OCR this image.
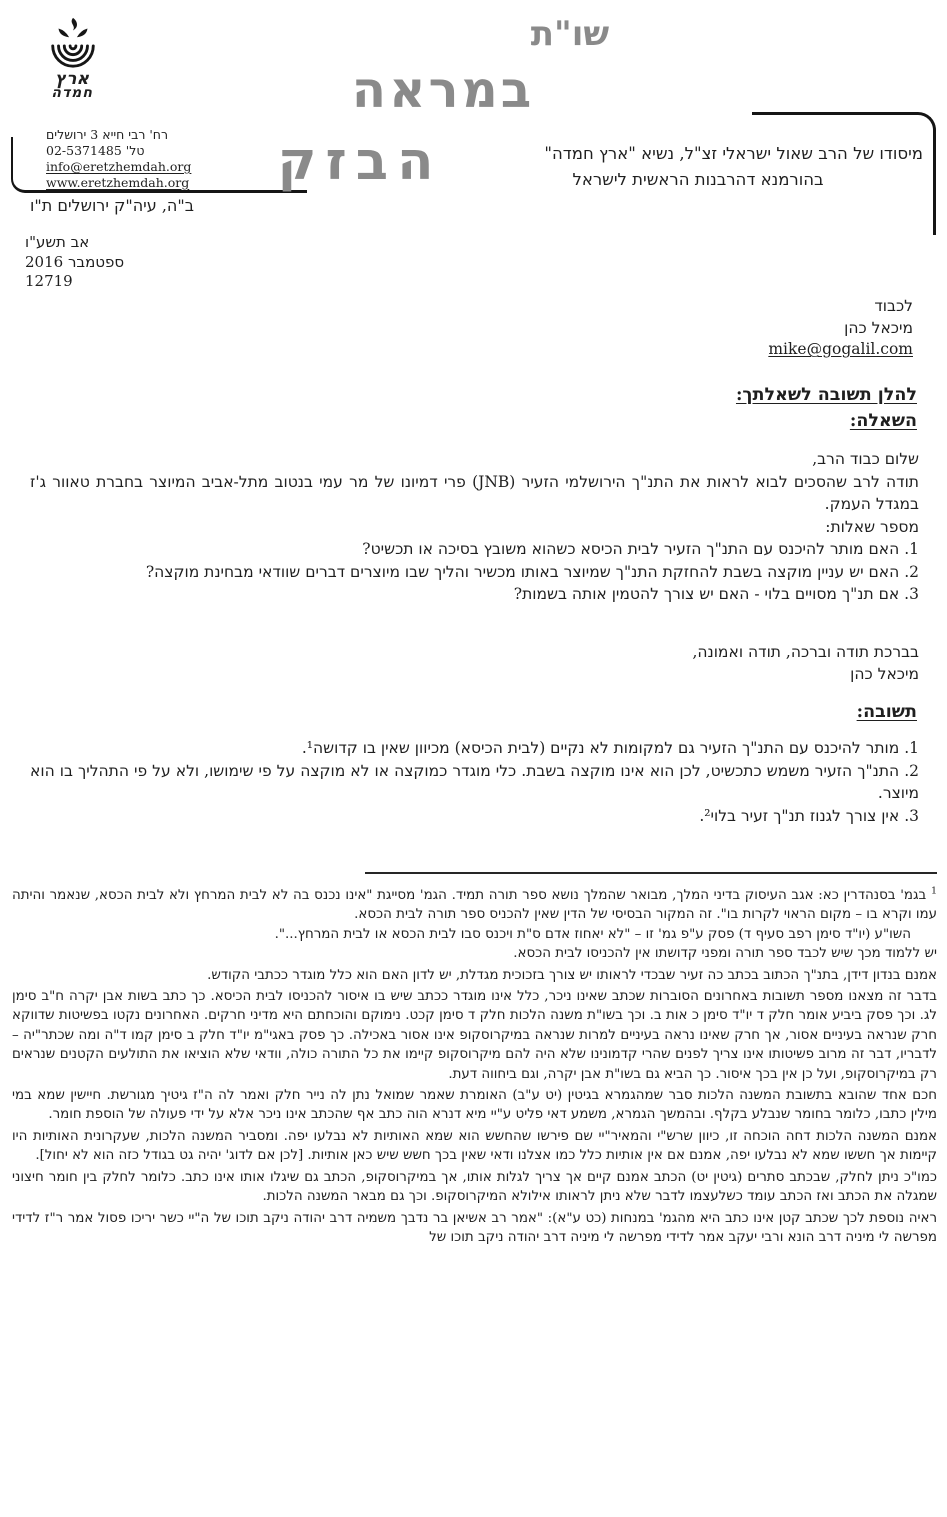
ארץ
חמדה
רח' רבי חייא 3 ירושלים
טל' 02-5371485
info@eretzhemdah.org
www.eretzhemdah.org
ב"ה, עיה"ק ירושלים ת"ו
אב תשע"ו
ספטמבר 2016
12719
שו"ת
במראה
הבזק	מיסודו של הרב שאול ישראלי זצ"ל, נשיא "ארץ חמדה"
בהורמנא דהרבנות הראשית לישראל
לכבוד
מיכאל כהן
mike@gogalil.com
להלן תשובה לשאלתך:
השאלה:
שלום כבוד הרב,
תודה לרב שהסכים לבוא לראות את התנ"ך הירושלמי הזעיר (JNB) פרי דמיונו של מר עמי בנטוב מתל-אביב המיוצר בחברת טאוור ג'ז במגדל העמק.
מספר שאלות:
1. האם מותר להיכנס עם התנ"ך הזעיר לבית הכיסא כשהוא משובץ בסיכה או תכשיט?
2. האם יש עניין מוקצה בשבת להחזקת התנ"ך שמיוצר באותו מכשיר והליך שבו מיוצרים דברים שוודאי מבחינת מוקצה?
3. אם תנ"ך מסויים בלוי - האם יש צורך להטמין אותה בשמות?
בברכת תודה וברכה, תודה ואמונה,
מיכאל כהן
תשובה:
1. מותר להיכנס עם התנ"ך הזעיר גם למקומות לא נקיים (לבית הכיסא) מכיוון שאין בו קדושה¹.
2. התנ"ך הזעיר משמש כתכשיט, לכן הוא אינו מוקצה בשבת. כלי מוגדר כמוקצה או לא מוקצה על פי שימושו, ולא על פי התהליך בו הוא מיוצר.
3. אין צורך לגנוז תנ"ך זעיר בלוי².
$^1$ בגמ' בסנהדרין כא: אגב העיסוק בדיני המלך, מבואר שהמלך נושא ספר תורה תמיד. הגמ' מסייגת "אינו נכנס בה לא לבית המרחץ ולא לבית הכסא, שנאמר והיתה עמו וקרא בו – מקום הראוי לקרות בו". זה המקור הבסיסי של הדין שאין להכניס ספר תורה לבית הכסא.
השו"ע (יו"ד סימן רפב סעיף ד) פסק ע"פ גמ' זו – "לא יאחוז אדם ס"ת ויכנס סבו לבית הכסא או לבית המרחץ...".
יש ללמוד מכך שיש לכבד ספר תורה ומפני קדושתו אין להכניסו לבית הכסא.
אמנם בנדון דידן, בתנ"ך הכתוב בכתב כה זעיר שבכדי לראותו יש צורך בזכוכית מגדלת, יש לדון האם הוא כלל מוגדר ככתבי הקודש.
בדבר זה מצאנו מספר תשובות באחרונים הסוברות שכתב שאינו ניכר, כלל אינו מוגדר ככתב שיש בו איסור להכניסו לבית הכיסא. כך כתב בשות אבן יקרה ח"ב סימן לג. וכך פסק ביביע אומר חלק ד יו"ד סימן כ אות ב. וכך בשו"ת משנה הלכות חלק ד סימן קכט. נימוקם והוכחתם היא מדיני חרקים. האחרונים נקטו בפשיטות שדווקא חרק שנראה בעיניים אסור, אך חרק שאינו נראה בעיניים למרות שנראה במיקרוסקופ אינו אסור באכילה. כך פסק באגי"מ יו"ד חלק ב סימן קמו ד"ה ומה שכתר"יה – לדבריו, דבר זה מרוב פשיטותו אינו צריך לפנים שהרי קדמונינו שלא היה להם מיקרוסקופ קיימו את כל התורה כולה, וודאי שלא הוציאו את התולעים הקטנים שנראים רק במיקרוסקופ, ועל כן אין בכך איסור. כך הביא גם בשו"ת אבן יקרה, וגם ביחווה דעת.
חכם אחד שהובא בתשובת המשנה הלכות סבר שמהגמרא בגיטין (יט ע"ב) האומרת שאמר שמואל נתן לה נייר חלק ואמר לה ה"ז גיטיך מגורשת. חיישין שמא במי מילין כתבו, כלומר בחומר שנבלע בקלף. ובהמשך הגמרא, משמע דאי פליט ע"יי מיא דנרא הוה כתב אף שהכתב אינו ניכר אלא על ידי פעולה של הוספת חומר.
אמנם המשנה הלכות דחה הוכחה זו, כיוון שרש"י והמאיר"יי שם פירשו שהחשש הוא שמא האותיות לא נבלעו יפה. ומסביר המשנה הלכות, שעקרונית האותיות היו קיימות אך חששו שמא לא נבלעו יפה, אמנם אם אין אותיות כלל כמו אצלנו ודאי שאין בכך חשש שיש כאן אותיות. [לכן אם לדוג' יהיה גט בגודל כזה הוא לא יחול].
כמו"כ ניתן לחלק, שבכתב סתרים (גיטין יט) הכתב אמנם קיים אך צריך לגלות אותו, אך במיקרוסקופ, הכתב גם שיגלו אותו אינו כתב. כלומר לחלק בין חומר חיצוני שמגלה את הכתב ואז הכתב עומד כשלעצמו לדבר שלא ניתן לראותו אילולא המיקרוסקופ. וכך גם מבאר המשנה הלכות.
ראיה נוספת לכך שכתב קטן אינו כתב היא מהגמ' במנחות (כט ע"א): "אמר רב אשיאן בר נדבך משמיה דרב יהודה ניקב תוכו של ה"יי כשר יריכו פסול אמר ר"ז לדידי מפרשה לי מיניה דרב הונא ורבי יעקב אמר לדידי מפרשה לי מיניה דרב יהודה ניקב תוכו של
